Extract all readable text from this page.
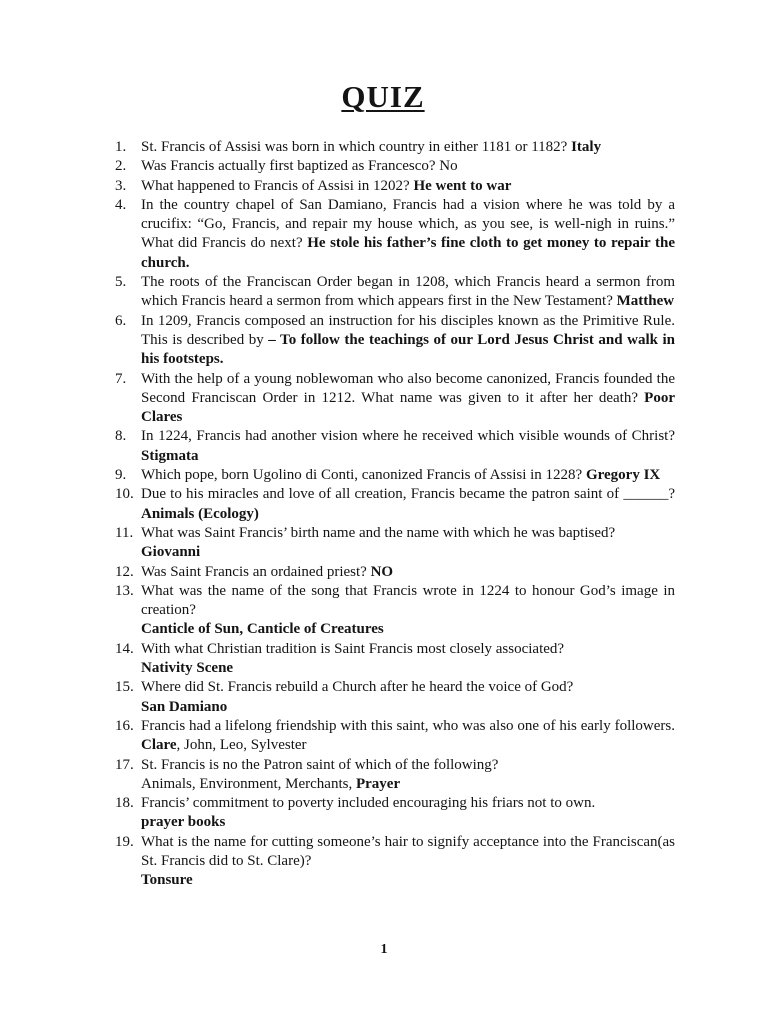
QUIZ
1. St. Francis of Assisi was born in which country in either 1181 or 1182? Italy
2. Was Francis actually first baptized as Francesco? No
3. What happened to Francis of Assisi in 1202? He went to war
4. In the country chapel of San Damiano, Francis had a vision where he was told by a crucifix: “Go, Francis, and repair my house which, as you see, is well-nigh in ruins.” What did Francis do next? He stole his father’s fine cloth to get money to repair the church.
5. The roots of the Franciscan Order began in 1208, which Francis heard a sermon from which Francis heard a sermon from which appears first in the New Testament? Matthew
6. In 1209, Francis composed an instruction for his disciples known as the Primitive Rule. This is described by – To follow the teachings of our Lord Jesus Christ and walk in his footsteps.
7. With the help of a young noblewoman who also become canonized, Francis founded the Second Franciscan Order in 1212. What name was given to it after her death? Poor Clares
8. In 1224, Francis had another vision where he received which visible wounds of Christ? Stigmata
9. Which pope, born Ugolino di Conti, canonized Francis of Assisi in 1228? Gregory IX
10. Due to his miracles and love of all creation, Francis became the patron saint of ______? Animals (Ecology)
11. What was Saint Francis’ birth name and the name with which he was baptised?
Giovanni
12. Was Saint Francis an ordained priest? NO
13. What was the name of the song that Francis wrote in 1224 to honour God’s image in creation?
Canticle of Sun, Canticle of Creatures
14. With what Christian tradition is Saint Francis most closely associated?
Nativity Scene
15. Where did St. Francis rebuild a Church after he heard the voice of God?
San Damiano
16. Francis had a lifelong friendship with this saint, who was also one of his early followers. Clare, John, Leo, Sylvester
17. St. Francis is no the Patron saint of which of the following?
Animals, Environment, Merchants, Prayer
18. Francis’ commitment to poverty included encouraging his friars not to own.
prayer books
19. What is the name for cutting someone’s hair to signify acceptance into the Franciscan(as St. Francis did to St. Clare)?
Tonsure
1
